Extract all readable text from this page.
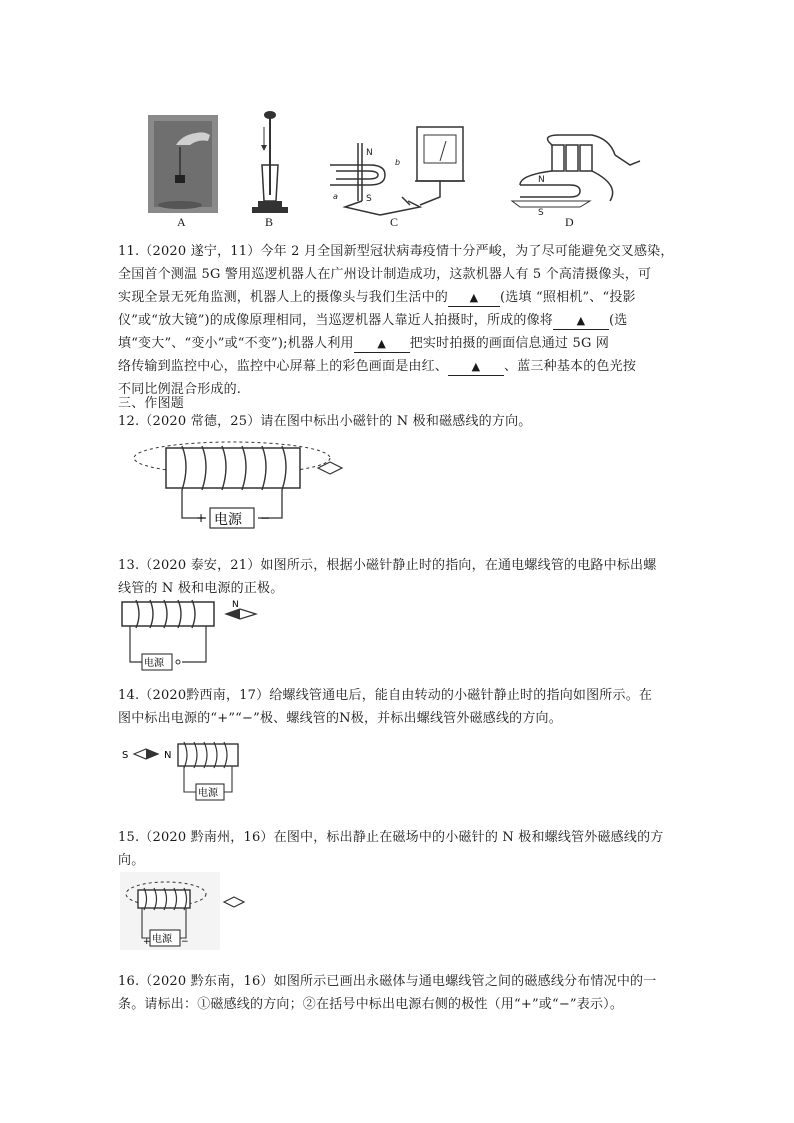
N
S
a
b
N
S
A	B	C	D
11.（2020 遂宁，11）今年 2 月全国新型冠状病毒疫情十分严峻，为了尽可能避免交叉感染，
全国首个测温 5G 警用巡逻机器人在广州设计制造成功，这款机器人有 5 个高清摄像头，可
实现全景无死角监测，机器人上的摄像头与我们生活中的 ▲ (选填 “照相机”、“投影
仪”或“放大镜”)的成像原理相同，当巡逻机器人靠近人拍摄时，所成的像将 ▲ (选
填“变大”、“变小”或“不变”);机器人利用 ▲ 把实时拍摄的画面信息通过 5G 网
络传输到监控中心，监控中心屏幕上的彩色画面是由红、 ▲ 、蓝三种基本的色光按
不同比例混合形成的.
三、作图题
12.（2020 常德，25）请在图中标出小磁针的 N 极和磁感线的方向。
+ 电源 −
13.（2020 泰安，21）如图所示，根据小磁针静止时的指向，在通电螺线管的电路中标出螺
线管的 N 极和电源的正极。
N
电源
14.（2020黔西南，17）给螺线管通电后，能自由转动的小磁针静止时的指向如图所示。在
图中标出电源的“+”“−”极、螺线管的N极，并标出螺线管外磁感线的方向。
S	N
电源
15.（2020 黔南州，16）在图中，标出静止在磁场中的小磁针的 N 极和螺线管外磁感线的方
向。
+ 电源 −
16.（2020 黔东南，16）如图所示已画出永磁体与通电螺线管之间的磁感线分布情况中的一
条。请标出：①磁感线的方向；②在括号中标出电源右侧的极性（用“+”或“−”表示）。
